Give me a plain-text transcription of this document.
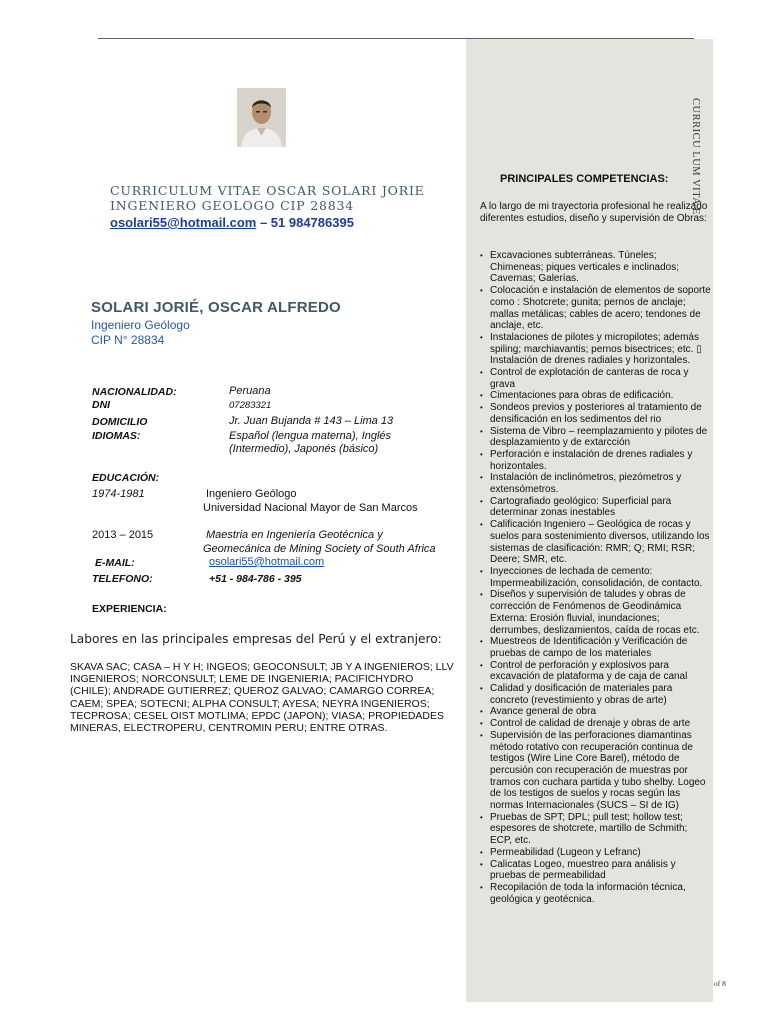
CURRICU LUM VITA E
of 8
CURRICULUM VITAE OSCAR SOLARI JORIE
INGENIERO GEOLOGO CIP 28834
osolari55@hotmail.com – 51 984786395
SOLARI JORIÉ, OSCAR ALFREDO
Ingeniero Geólogo
CIP N° 28834
NACIONALIDAD:	Peruana
DNI	07283321
DOMICILIO	Jr. Juan Bujanda # 143 – Lima 13
IDIOMAS:	Español (lengua materna), Inglés
(Intermedio), Japonés (básico)
EDUCACIÓN:
1974-1981	Ingeniero Geólogo
Universidad Nacional Mayor de San Marcos
2013 – 2015	Maestria en Ingeniería Geotécnica y
Geomecánica de Mining Society of South Africa
E-MAIL:	osolari55@hotmail.com
TELEFONO:	+51 - 984-786 - 395
EXPERIENCIA:
Labores en las principales empresas del Perú y el extranjero:
SKAVA SAC; CASA – H Y H; INGEOS; GEOCONSULT; JB Y A INGENIEROS; LLV INGENIEROS; NORCONSULT; LEME DE INGENIERIA; PACIFICHYDRO (CHILE); ANDRADE GUTIERREZ; QUEROZ GALVAO; CAMARGO CORREA; CAEM; SPEA; SOTECNI; ALPHA CONSULT; AYESA; NEYRA INGENIEROS; TECPROSA; CESEL OIST MOTLIMA; EPDC (JAPON); VIASA; PROPIEDADES MINERAS, ELECTROPERU, CENTROMIN PERU; ENTRE OTRAS.
PRINCIPALES COMPETENCIAS:
A lo largo de mi trayectoria profesional he realizado diferentes estudios, diseño y supervisión de Obras:
• Excavaciones subterráneas. Túneles; Chimeneas; piques verticales e inclinados; Cavernas; Galerías.
• Colocación e instalación de elementos de soporte como : Shotcrete; gunita; pernos de anclaje; mallas metálicas; cables de acero; tendones de anclaje, etc.
• Instalaciones de pilotes y micropilotes; además spiling; marchiavantis; pernos bisectrices; etc. ▯ Instalación de drenes radiales y horizontales.
• Control de explotación de canteras de roca y grava
• Cimentaciones para obras de edificación.
• Sondeos previos y posteriores al tratamiento de densificación en los sedimentos del rio
• Sistema de Vibro – reemplazamiento y pilotes de desplazamiento y de extarcción
• Perforación e instalación de drenes radiales y horizontales.
• Instalación de inclinómetros, piezómetros y extensómetros.
• Cartografiado geológico: Superficial para determinar zonas inestables
• Calificación Ingeniero – Geológica de rocas y suelos para sostenimiento diversos, utilizando los sistemas de clasificación: RMR; Q; RMI; RSR; Deere; SMR, etc.
• Inyecciones de lechada de cemento: Impermeabilización, consolidación, de contacto.
• Diseños y supervisión de taludes y obras de corrección de Fenómenos de Geodinámica Externa: Erosión fluvial, inundaciones; derrumbes, deslizamientos, caída de rocas etc.
• Muestreos de Identificación y Verificación de pruebas de campo de los materiales
• Control de perforación y explosivos para excavación de plataforma y de caja de canal
• Calidad y dosificación de materiales para concreto (revestimiento y obras de arte)
• Avance general de obra
• Control de calidad de drenaje y obras de arte
• Supervisión de las perforaciones diamantinas método rotativo con recuperación continua de testigos (Wire Line Core Barel), método de percusión con recuperación de muestras por tramos con cuchara partida y tubo shelby. Logeo de los testigos de suelos y rocas según las normas Internacionales (SUCS – SI de IG)
• Pruebas de SPT; DPL; pull test; hollow test; espesores de shotcrete, martillo de Schmith; ECP, etc.
• Permeabilidad (Lugeon y Lefranc)
• Calicatas Logeo, muestreo para análisis y pruebas de permeabilidad
• Recopilación de toda la información técnica, geológica y geotécnica.
